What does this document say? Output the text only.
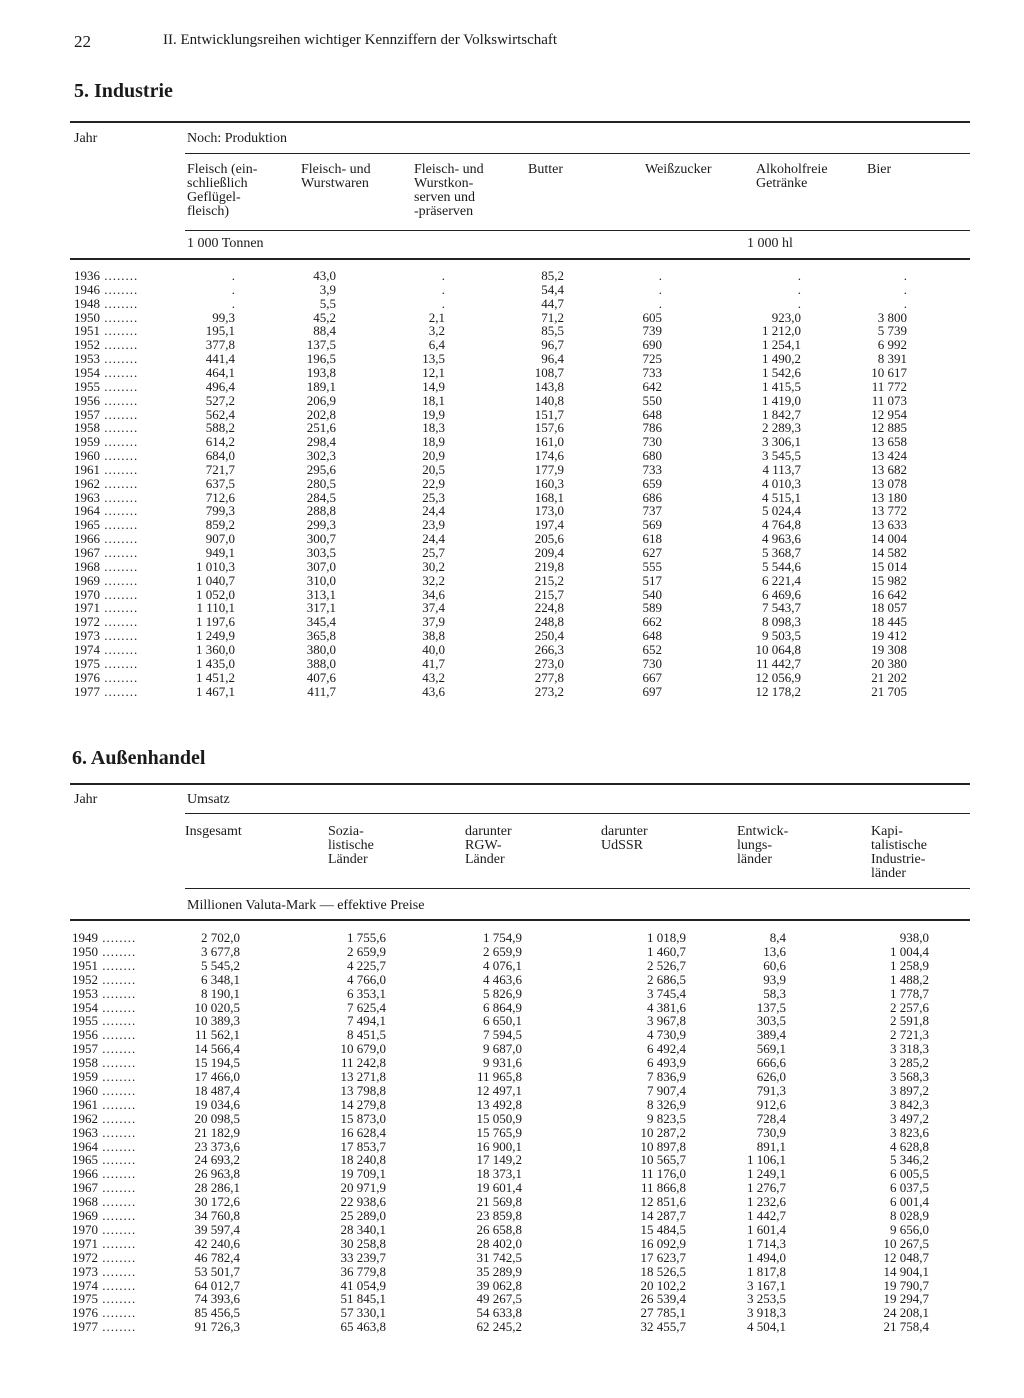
22	II. Entwicklungsreihen wichtiger Kennziffern der Volkswirtschaft
5. Industrie
Jahr	Noch: Produktion
Fleisch (ein-
schließlich
Geflügel-
fleisch)
Fleisch- und
Wurstwaren
Fleisch- und
Wurstkon-
serven und
-präserven
Butter	Weißzucker	Alkoholfreie
Getränke
Bier
1 000 Tonnen	1 000 hl
1936 ........	.	43,0	.	85,2	.	.	.
1946 ........	.	3,9	.	54,4	.	.	.
1948 ........	.	5,5	.	44,7	.	.	.
1950 ........	99,3	45,2	2,1	71,2	605	923,0	3 800
1951 ........	195,1	88,4	3,2	85,5	739	1 212,0	5 739
1952 ........	377,8	137,5	6,4	96,7	690	1 254,1	6 992
1953 ........	441,4	196,5	13,5	96,4	725	1 490,2	8 391
1954 ........	464,1	193,8	12,1	108,7	733	1 542,6	10 617
1955 ........	496,4	189,1	14,9	143,8	642	1 415,5	11 772
1956 ........	527,2	206,9	18,1	140,8	550	1 419,0	11 073
1957 ........	562,4	202,8	19,9	151,7	648	1 842,7	12 954
1958 ........	588,2	251,6	18,3	157,6	786	2 289,3	12 885
1959 ........	614,2	298,4	18,9	161,0	730	3 306,1	13 658
1960 ........	684,0	302,3	20,9	174,6	680	3 545,5	13 424
1961 ........	721,7	295,6	20,5	177,9	733	4 113,7	13 682
1962 ........	637,5	280,5	22,9	160,3	659	4 010,3	13 078
1963 ........	712,6	284,5	25,3	168,1	686	4 515,1	13 180
1964 ........	799,3	288,8	24,4	173,0	737	5 024,4	13 772
1965 ........	859,2	299,3	23,9	197,4	569	4 764,8	13 633
1966 ........	907,0	300,7	24,4	205,6	618	4 963,6	14 004
1967 ........	949,1	303,5	25,7	209,4	627	5 368,7	14 582
1968 ........	1 010,3	307,0	30,2	219,8	555	5 544,6	15 014
1969 ........	1 040,7	310,0	32,2	215,2	517	6 221,4	15 982
1970 ........	1 052,0	313,1	34,6	215,7	540	6 469,6	16 642
1971 ........	1 110,1	317,1	37,4	224,8	589	7 543,7	18 057
1972 ........	1 197,6	345,4	37,9	248,8	662	8 098,3	18 445
1973 ........	1 249,9	365,8	38,8	250,4	648	9 503,5	19 412
1974 ........	1 360,0	380,0	40,0	266,3	652	10 064,8	19 308
1975 ........	1 435,0	388,0	41,7	273,0	730	11 442,7	20 380
1976 ........	1 451,2	407,6	43,2	277,8	667	12 056,9	21 202
1977 ........	1 467,1	411,7	43,6	273,2	697	12 178,2	21 705
6. Außenhandel
Jahr	Umsatz
Insgesamt	Sozia-
listische
Länder
darunter
RGW-
Länder
darunter
UdSSR
Entwick-
lungs-
länder
Kapi-
talistische
Industrie-
länder
Millionen Valuta-Mark — effektive Preise
1949 ........	2 702,0	1 755,6	1 754,9	1 018,9	8,4	938,0
1950 ........	3 677,8	2 659,9	2 659,9	1 460,7	13,6	1 004,4
1951 ........	5 545,2	4 225,7	4 076,1	2 526,7	60,6	1 258,9
1952 ........	6 348,1	4 766,0	4 463,6	2 686,5	93,9	1 488,2
1953 ........	8 190,1	6 353,1	5 826,9	3 745,4	58,3	1 778,7
1954 ........	10 020,5	7 625,4	6 864,9	4 381,6	137,5	2 257,6
1955 ........	10 389,3	7 494,1	6 650,1	3 967,8	303,5	2 591,8
1956 ........	11 562,1	8 451,5	7 594,5	4 730,9	389,4	2 721,3
1957 ........	14 566,4	10 679,0	9 687,0	6 492,4	569,1	3 318,3
1958 ........	15 194,5	11 242,8	9 931,6	6 493,9	666,6	3 285,2
1959 ........	17 466,0	13 271,8	11 965,8	7 836,9	626,0	3 568,3
1960 ........	18 487,4	13 798,8	12 497,1	7 907,4	791,3	3 897,2
1961 ........	19 034,6	14 279,8	13 492,8	8 326,9	912,6	3 842,3
1962 ........	20 098,5	15 873,0	15 050,9	9 823,5	728,4	3 497,2
1963 ........	21 182,9	16 628,4	15 765,9	10 287,2	730,9	3 823,6
1964 ........	23 373,6	17 853,7	16 900,1	10 897,8	891,1	4 628,8
1965 ........	24 693,2	18 240,8	17 149,2	10 565,7	1 106,1	5 346,2
1966 ........	26 963,8	19 709,1	18 373,1	11 176,0	1 249,1	6 005,5
1967 ........	28 286,1	20 971,9	19 601,4	11 866,8	1 276,7	6 037,5
1968 ........	30 172,6	22 938,6	21 569,8	12 851,6	1 232,6	6 001,4
1969 ........	34 760,8	25 289,0	23 859,8	14 287,7	1 442,7	8 028,9
1970 ........	39 597,4	28 340,1	26 658,8	15 484,5	1 601,4	9 656,0
1971 ........	42 240,6	30 258,8	28 402,0	16 092,9	1 714,3	10 267,5
1972 ........	46 782,4	33 239,7	31 742,5	17 623,7	1 494,0	12 048,7
1973 ........	53 501,7	36 779,8	35 289,9	18 526,5	1 817,8	14 904,1
1974 ........	64 012,7	41 054,9	39 062,8	20 102,2	3 167,1	19 790,7
1975 ........	74 393,6	51 845,1	49 267,5	26 539,4	3 253,5	19 294,7
1976 ........	85 456,5	57 330,1	54 633,8	27 785,1	3 918,3	24 208,1
1977 ........	91 726,3	65 463,8	62 245,2	32 455,7	4 504,1	21 758,4
